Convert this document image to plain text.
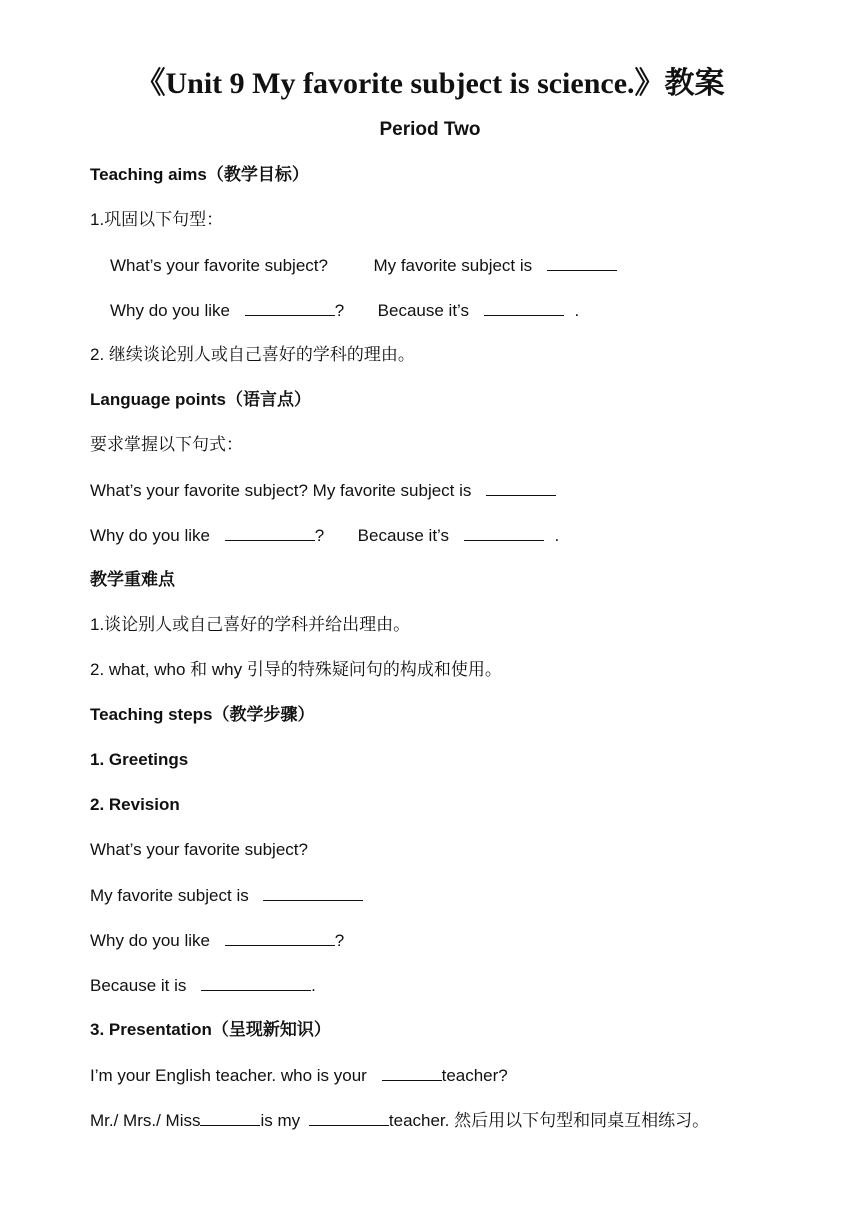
《Unit 9 My favorite subject is science.》教案
Period Two
Teaching aims（教学目标）
1.巩固以下句型：
What’s your favorite subject?	My favorite subject is
Why do you like	? Because it’s	.
2. 继续谈论别人或自己喜好的学科的理由。
Language points（语言点）
要求掌握以下句式：
What’s your favorite subject? My favorite subject is
Why do you like	? Because it’s	.
教学重难点
1.谈论别人或自己喜好的学科并给出理由。
2. what, who 和 why 引导的特殊疑问句的构成和使用。
Teaching steps（教学步骤）
1. Greetings
2. Revision
What’s your favorite subject?
My favorite subject is
Why do you like	?
Because it is	.
3. Presentation（呈现新知识）
I’m your English teacher. who is your	teacher?
Mr./ Mrs./ Miss	is my	teacher. 然后用以下句型和同桌互相练习。
